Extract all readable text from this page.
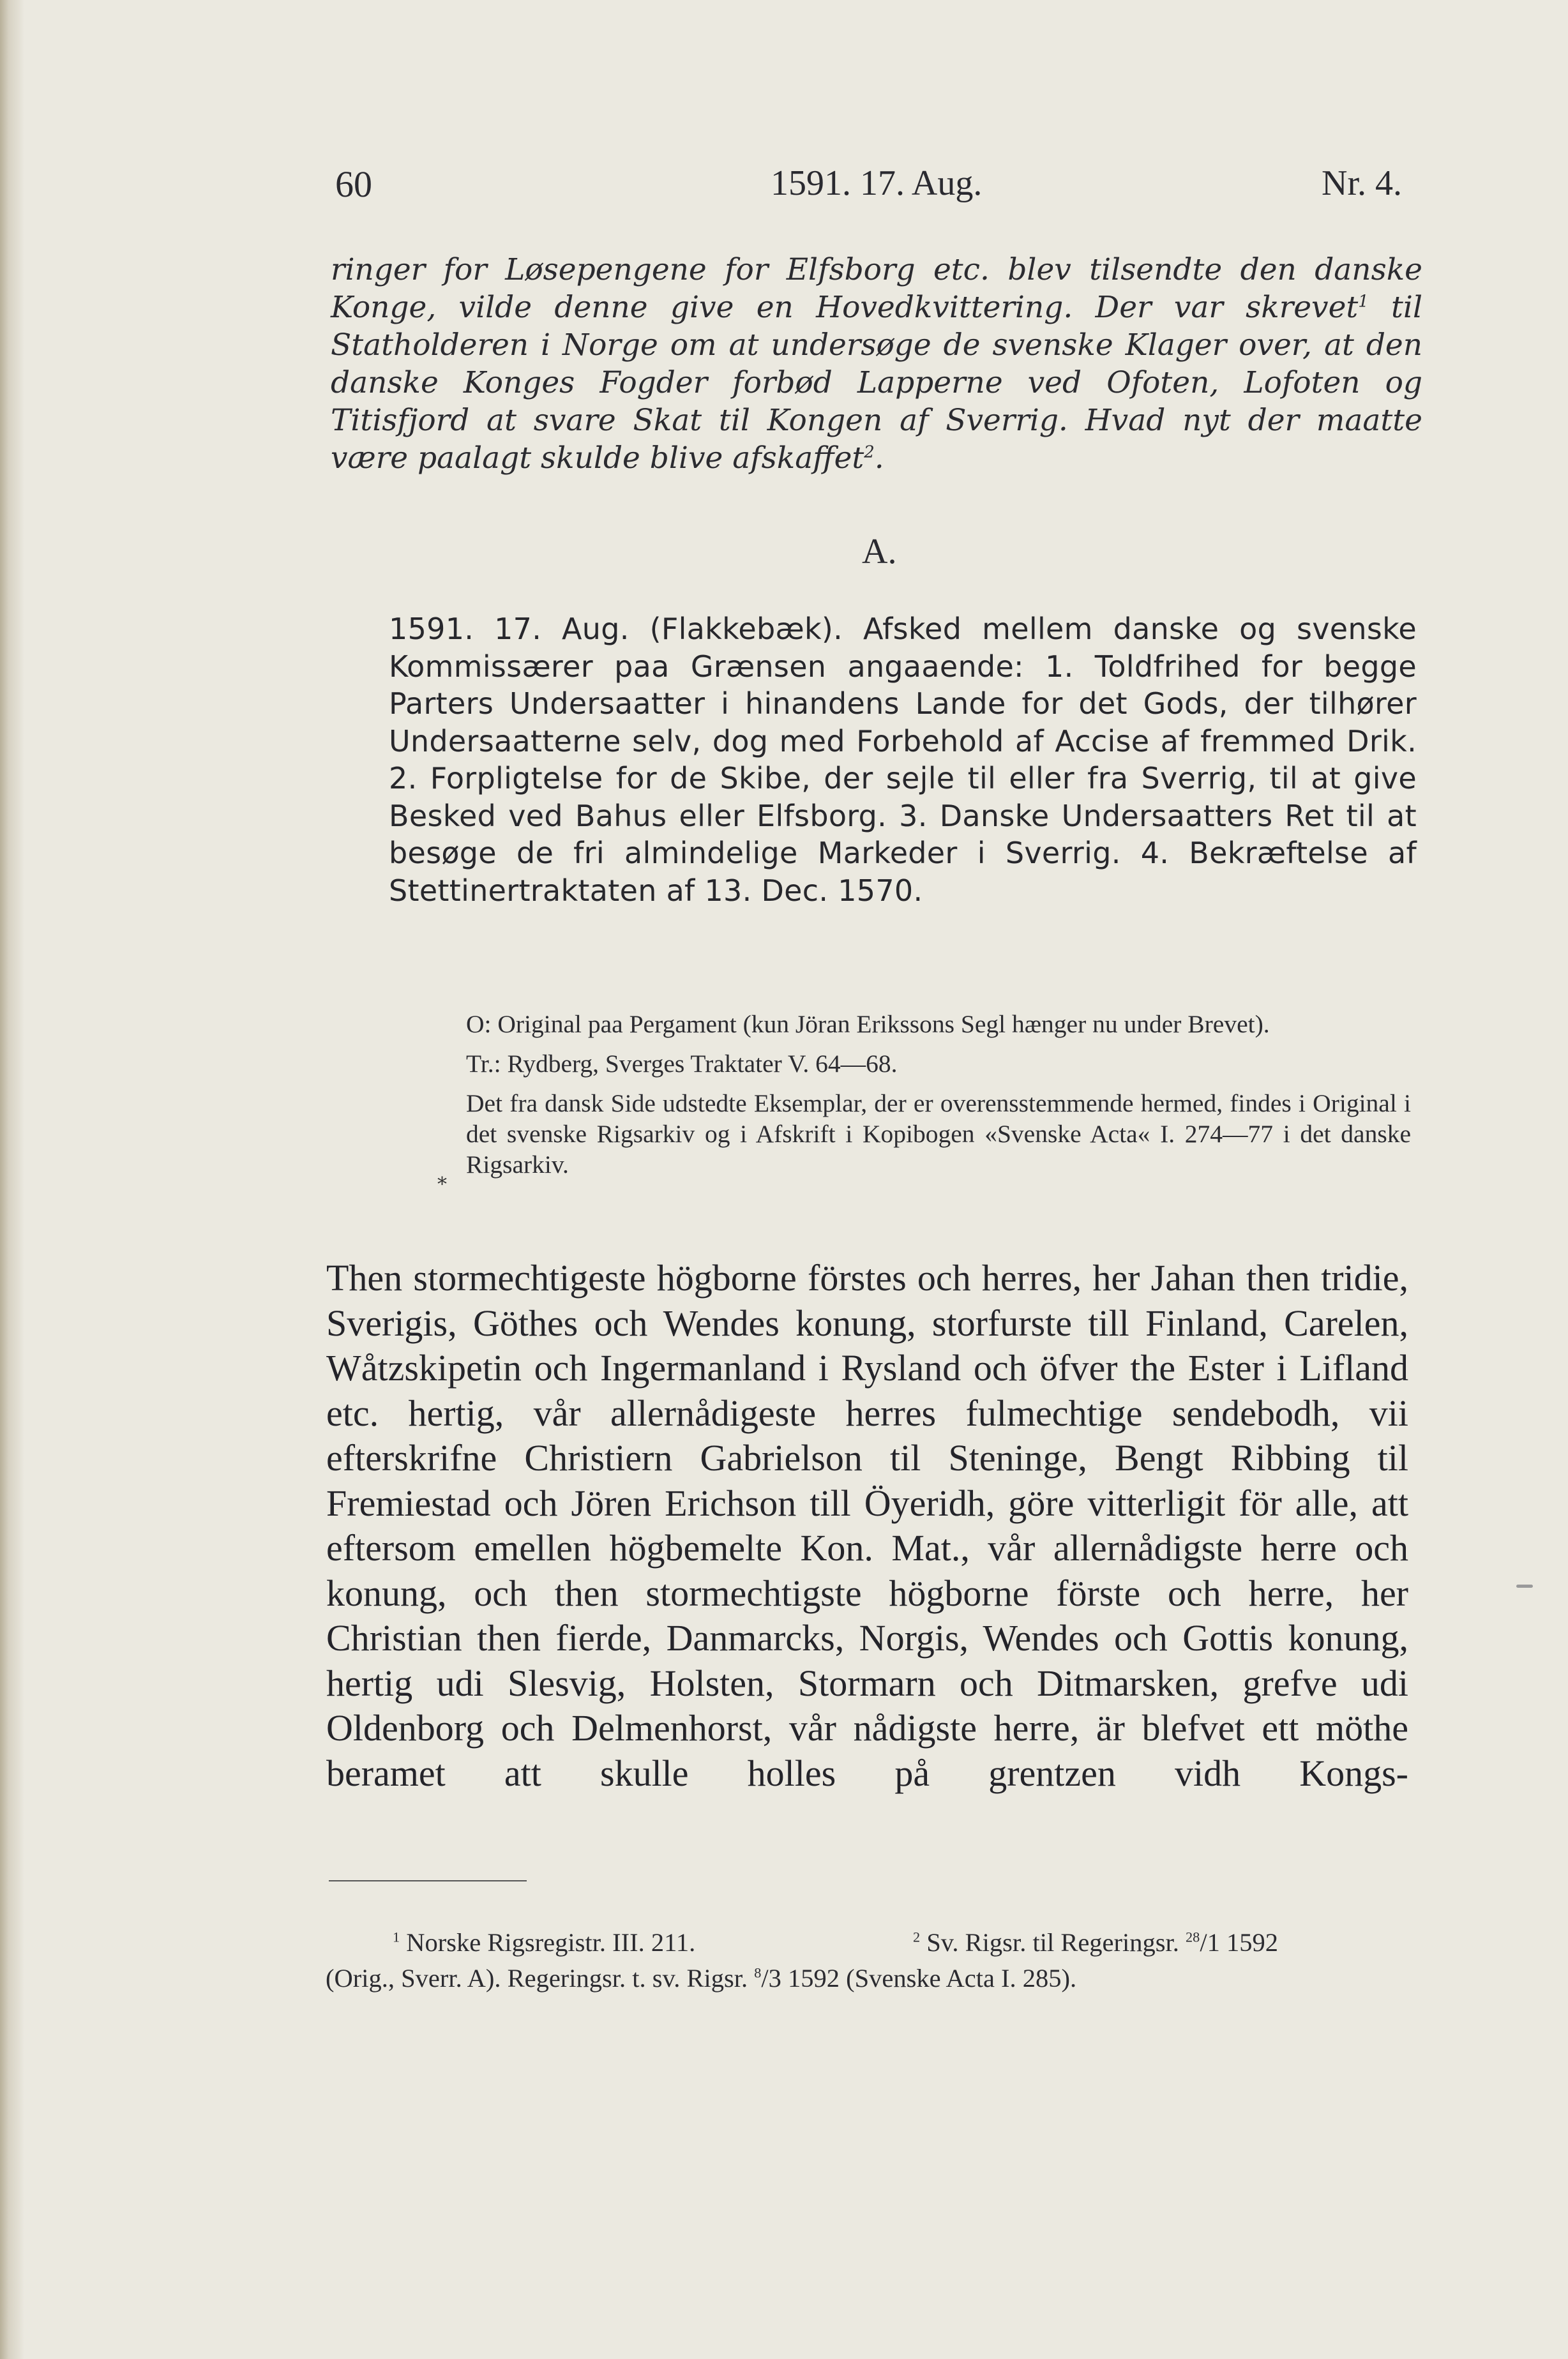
60	1591. 17. Aug.	Nr. 4.
ringer for Løsepengene for Elfsborg etc. blev tilsendte den danske Konge, vilde denne give en Hovedkvittering. Der var skrevet$^1$ til Statholderen i Norge om at undersøge de svenske Klager over, at den danske Konges Fogder forbød Lapperne ved Ofoten, Lofoten og Titisfjord at svare Skat til Kongen af Sverrig. Hvad nyt der maatte være paalagt skulde blive afskaffet$^2$.
A.
1591. 17. Aug. (Flakkebæk). Afsked mellem danske og svenske Kommissærer paa Grænsen angaaende: 1. Toldfrihed for begge Parters Undersaatter i hinandens Lande for det Gods, der tilhører Undersaatterne selv, dog med Forbehold af Accise af fremmed Drik. 2. Forpligtelse for de Skibe, der sejle til eller fra Sverrig, til at give Besked ved Bahus eller Elfsborg. 3. Danske Undersaatters Ret til at besøge de fri almindelige Markeder i Sverrig. 4. Bekræftelse af Stettinertraktaten af 13. Dec. 1570.

O: Original paa Pergament (kun Jöran Erikssons Segl hænger nu under Brevet).

Tr.: Rydberg, Sverges Traktater V. 64—68.

Det fra dansk Side udstedte Eksemplar, der er overensstemmende hermed, findes i Original i det svenske Rigsarkiv og i Afskrift i Kopibogen «Svenske Acta« I. 274—77 i det danske Rigsarkiv.

*
Then stormechtigeste högborne förstes och herres, her Jahan then tridie, Sverigis, Göthes och Wendes konung, storfurste till Finland, Carelen, Wåtzskipetin och Ingermanland i Rysland och öfver the Ester i Lifland etc. hertig, vår allernådigeste herres fulmechtige sendebodh, vii efterskrifne Christiern Gabrielson til Steninge, Bengt Ribbing til Fremiestad och Jören Erichson till Öyeridh, göre vitterligit för alle, att eftersom emellen högbemelte Kon. Mat., vår allernådigste herre och konung, och then stormechtigste högborne förste och herre, her Christian then fierde, Danmarcks, Norgis, Wendes och Gottis konung, hertig udi Slesvig, Holsten, Stormarn och Ditmarsken, grefve udi Oldenborg och Delmenhorst, vår nådigste herre, är blefvet ett möthe beramet att skulle holles på grentzen vidh Kongs-
$^1$ Norske Rigsregistr. III. 211.	$^2$ Sv. Rigsr. til Regeringsr. $^{28}$/1 1592
(Orig., Sverr. A). Regeringsr. t. sv. Rigsr. $^8$/3 1592 (Svenske Acta I. 285).
